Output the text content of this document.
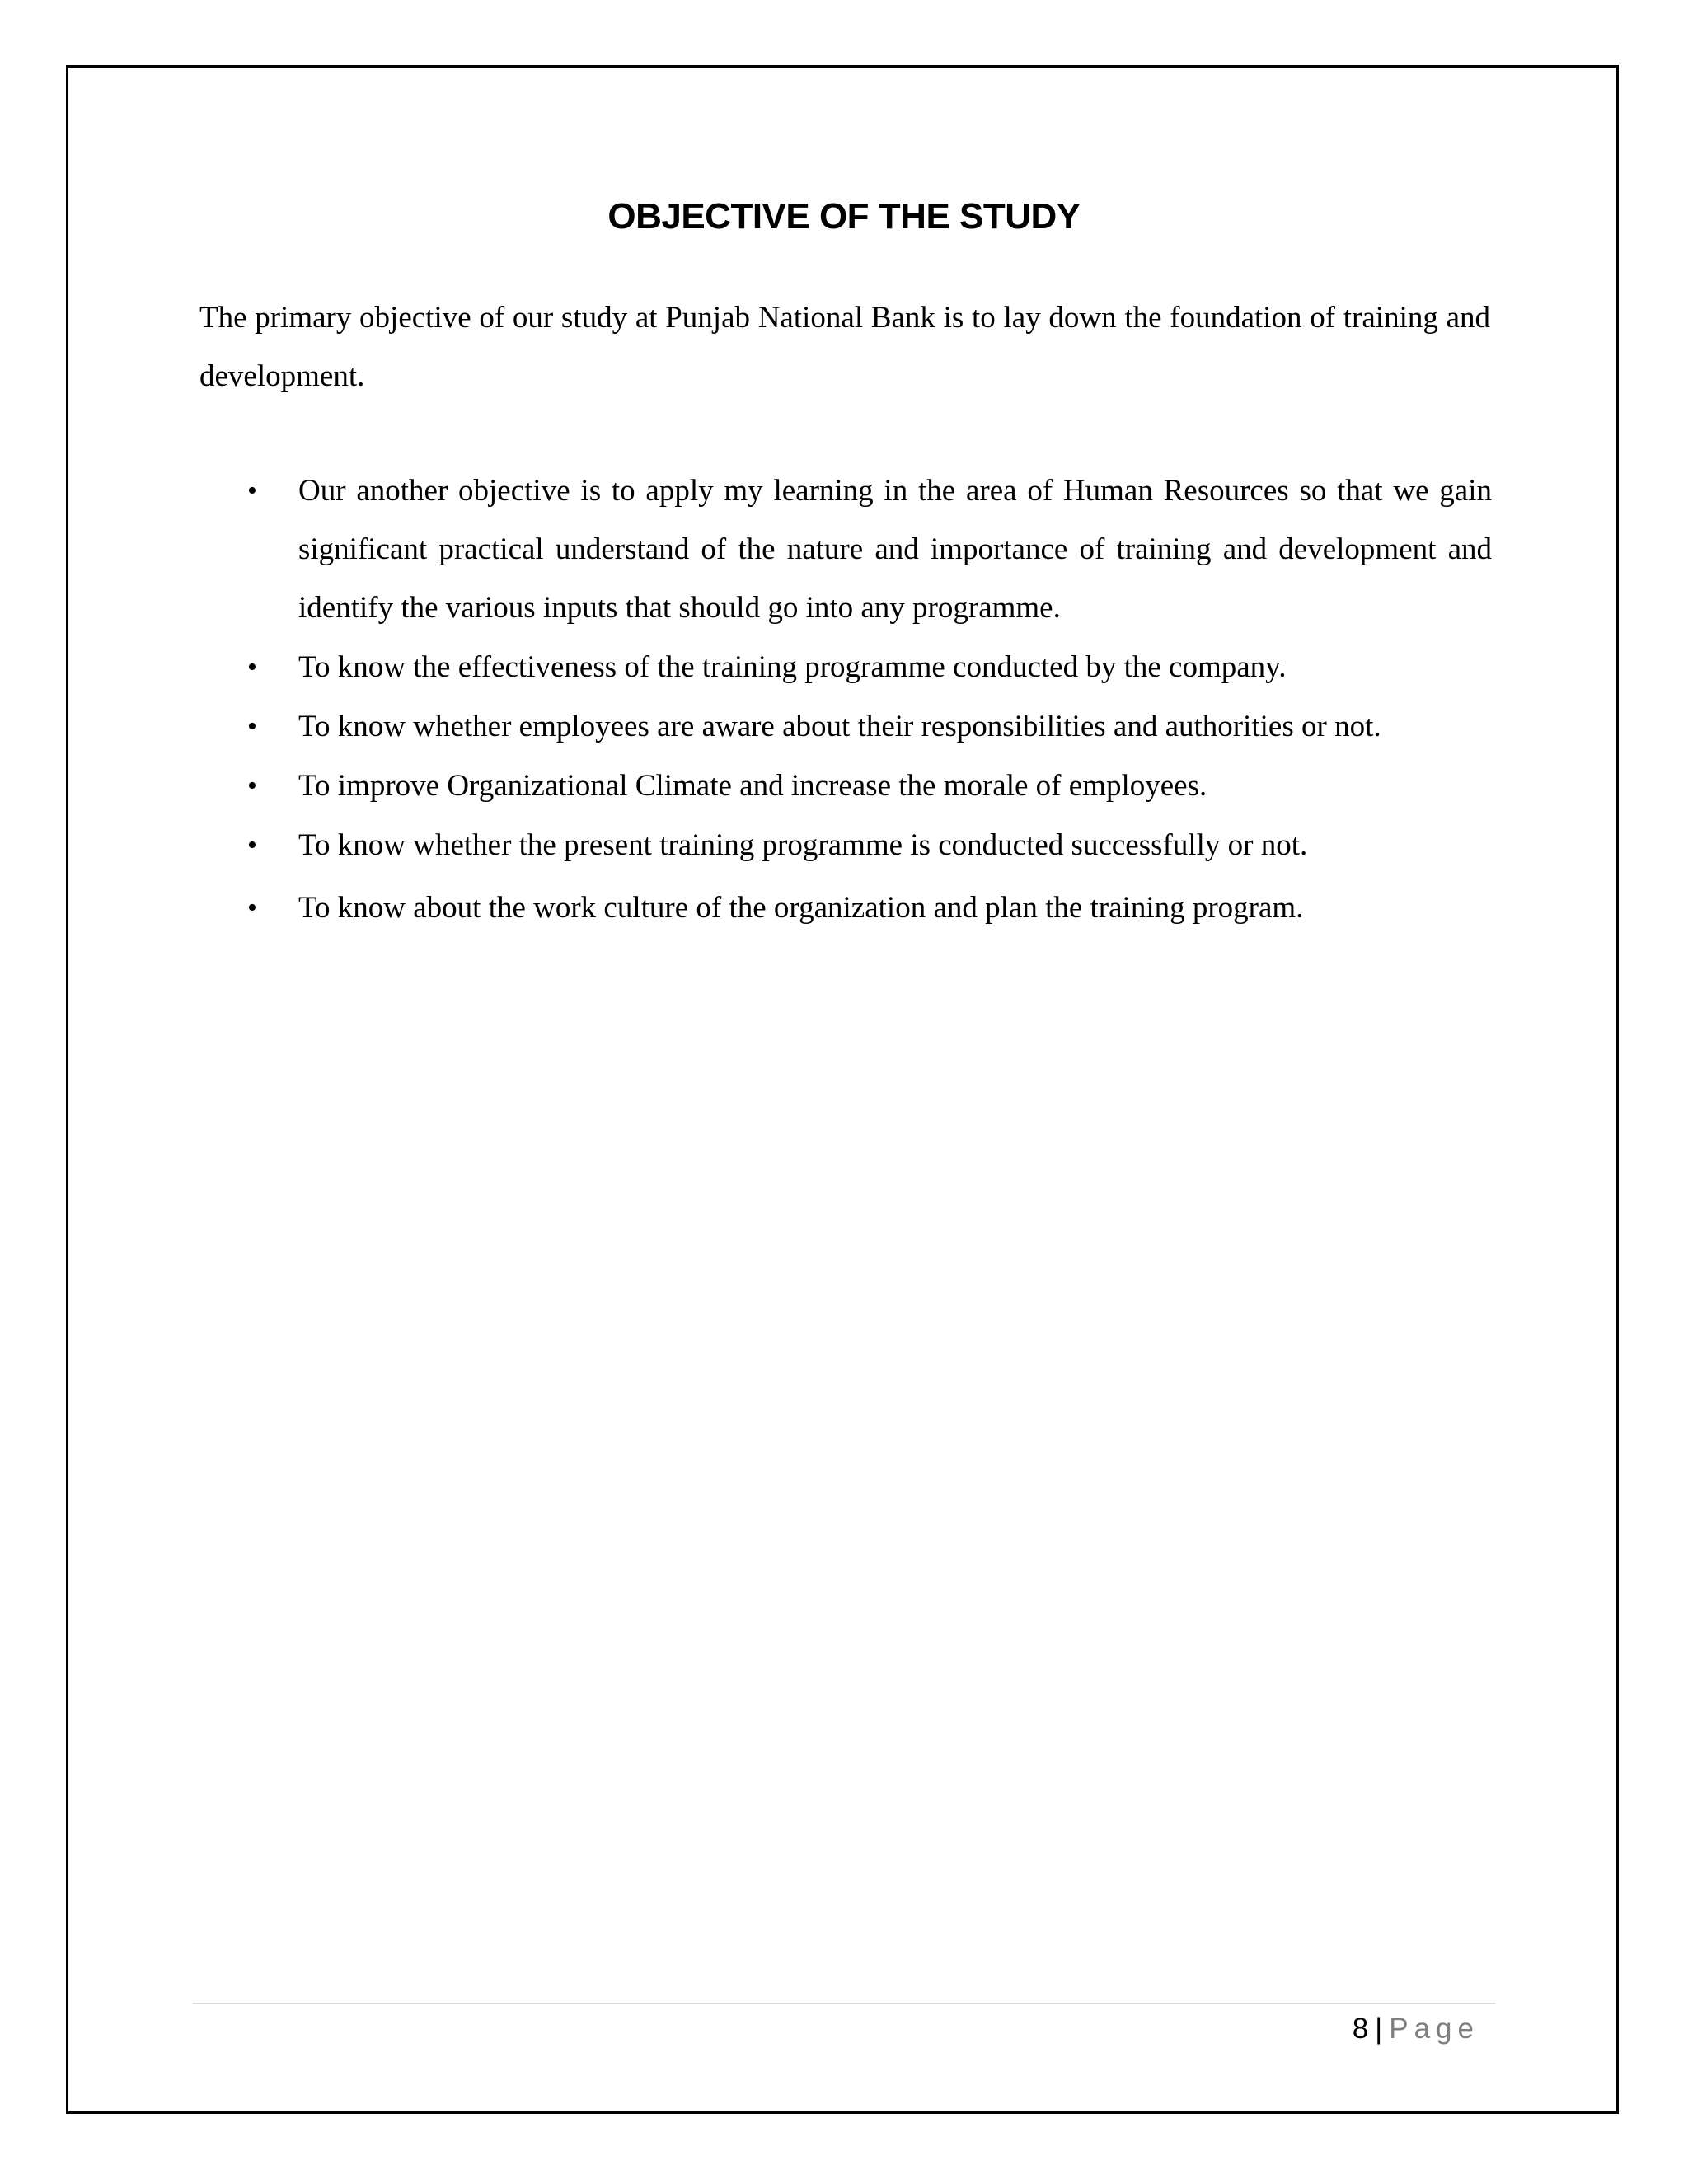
OBJECTIVE OF THE STUDY

The primary objective of our study at Punjab National Bank is to lay down the foundation of training and development.

• Our another objective is to apply my learning in the area of Human Resources so that we gain significant practical understand of the nature and importance of training and development and identify the various inputs that should go into any programme.
• To know the effectiveness of the training programme conducted by the company.
• To know whether employees are aware about their responsibilities and authorities or not.
• To improve Organizational Climate and increase the morale of employees.
• To know whether the present training programme is conducted successfully or not.
• To know about the work culture of the organization and plan the training program.
8 | Page
